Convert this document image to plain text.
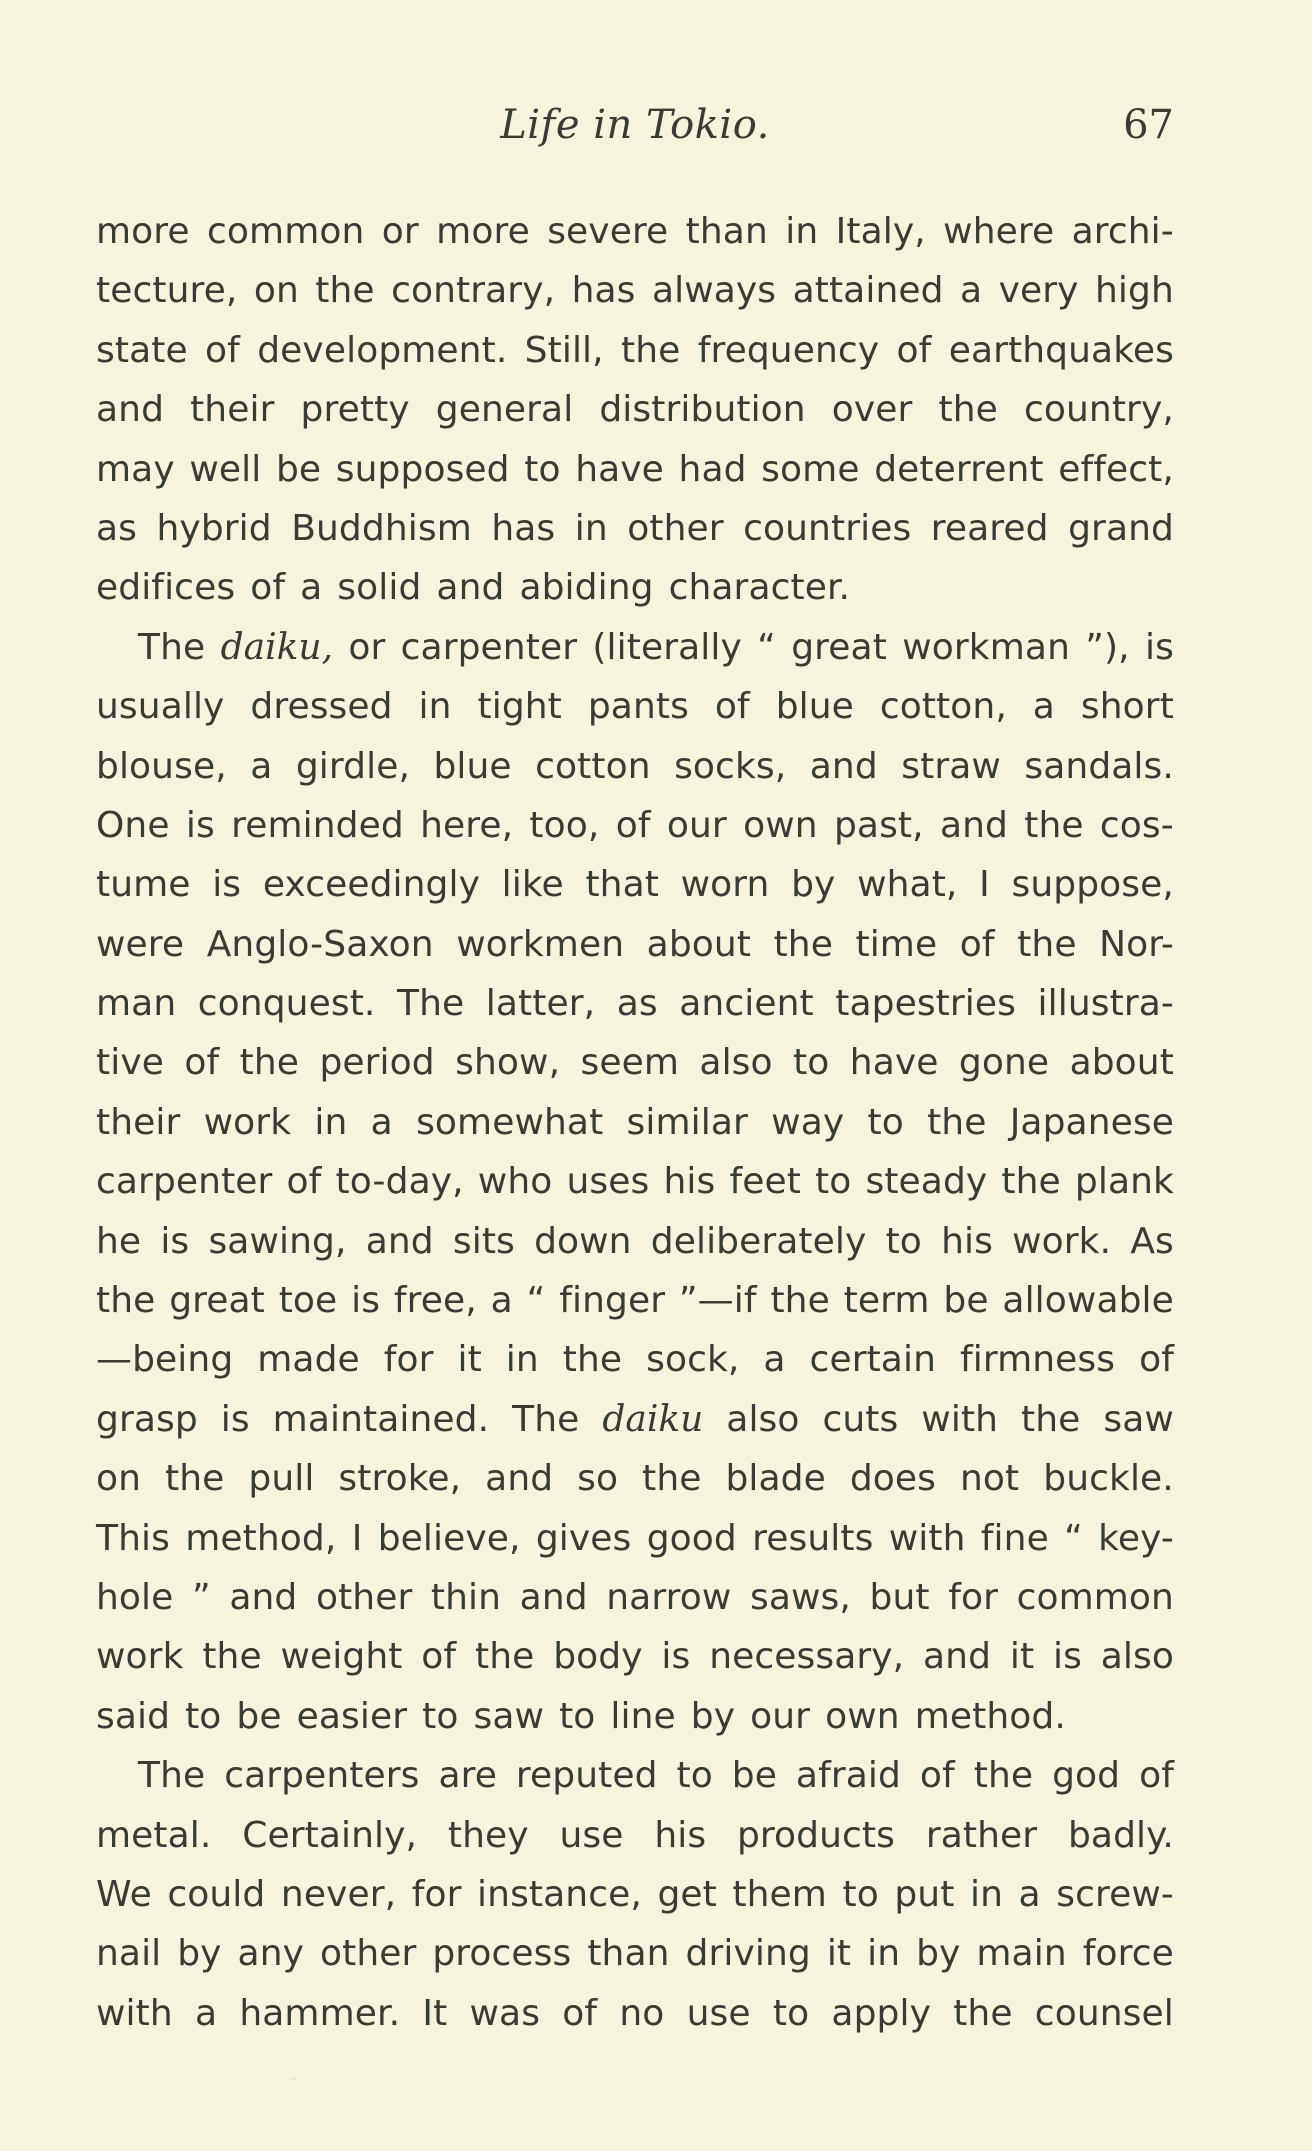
Life in Tokio.	67
more common or more severe than in Italy, where archi-
tecture, on the contrary, has always attained a very high
state of development. Still, the frequency of earthquakes
and their pretty general distribution over the country,
may well be supposed to have had some deterrent effect,
as hybrid Buddhism has in other countries reared grand
edifices of a solid and abiding character.
The daiku, or carpenter (literally “ great workman ”), is
usually dressed in tight pants of blue cotton, a short
blouse, a girdle, blue cotton socks, and straw sandals.
One is reminded here, too, of our own past, and the cos-
tume is exceedingly like that worn by what, I suppose,
were Anglo-Saxon workmen about the time of the Nor-
man conquest. The latter, as ancient tapestries illustra-
tive of the period show, seem also to have gone about
their work in a somewhat similar way to the Japanese
carpenter of to-day, who uses his feet to steady the plank
he is sawing, and sits down deliberately to his work. As
the great toe is free, a “ finger ”—if the term be allowable
—being made for it in the sock, a certain firmness of
grasp is maintained. The daiku also cuts with the saw
on the pull stroke, and so the blade does not buckle.
This method, I believe, gives good results with fine “ key-
hole ” and other thin and narrow saws, but for common
work the weight of the body is necessary, and it is also
said to be easier to saw to line by our own method.
The carpenters are reputed to be afraid of the god of
metal. Certainly, they use his products rather badly.
We could never, for instance, get them to put in a screw-
nail by any other process than driving it in by main force
with a hammer. It was of no use to apply the counsel
